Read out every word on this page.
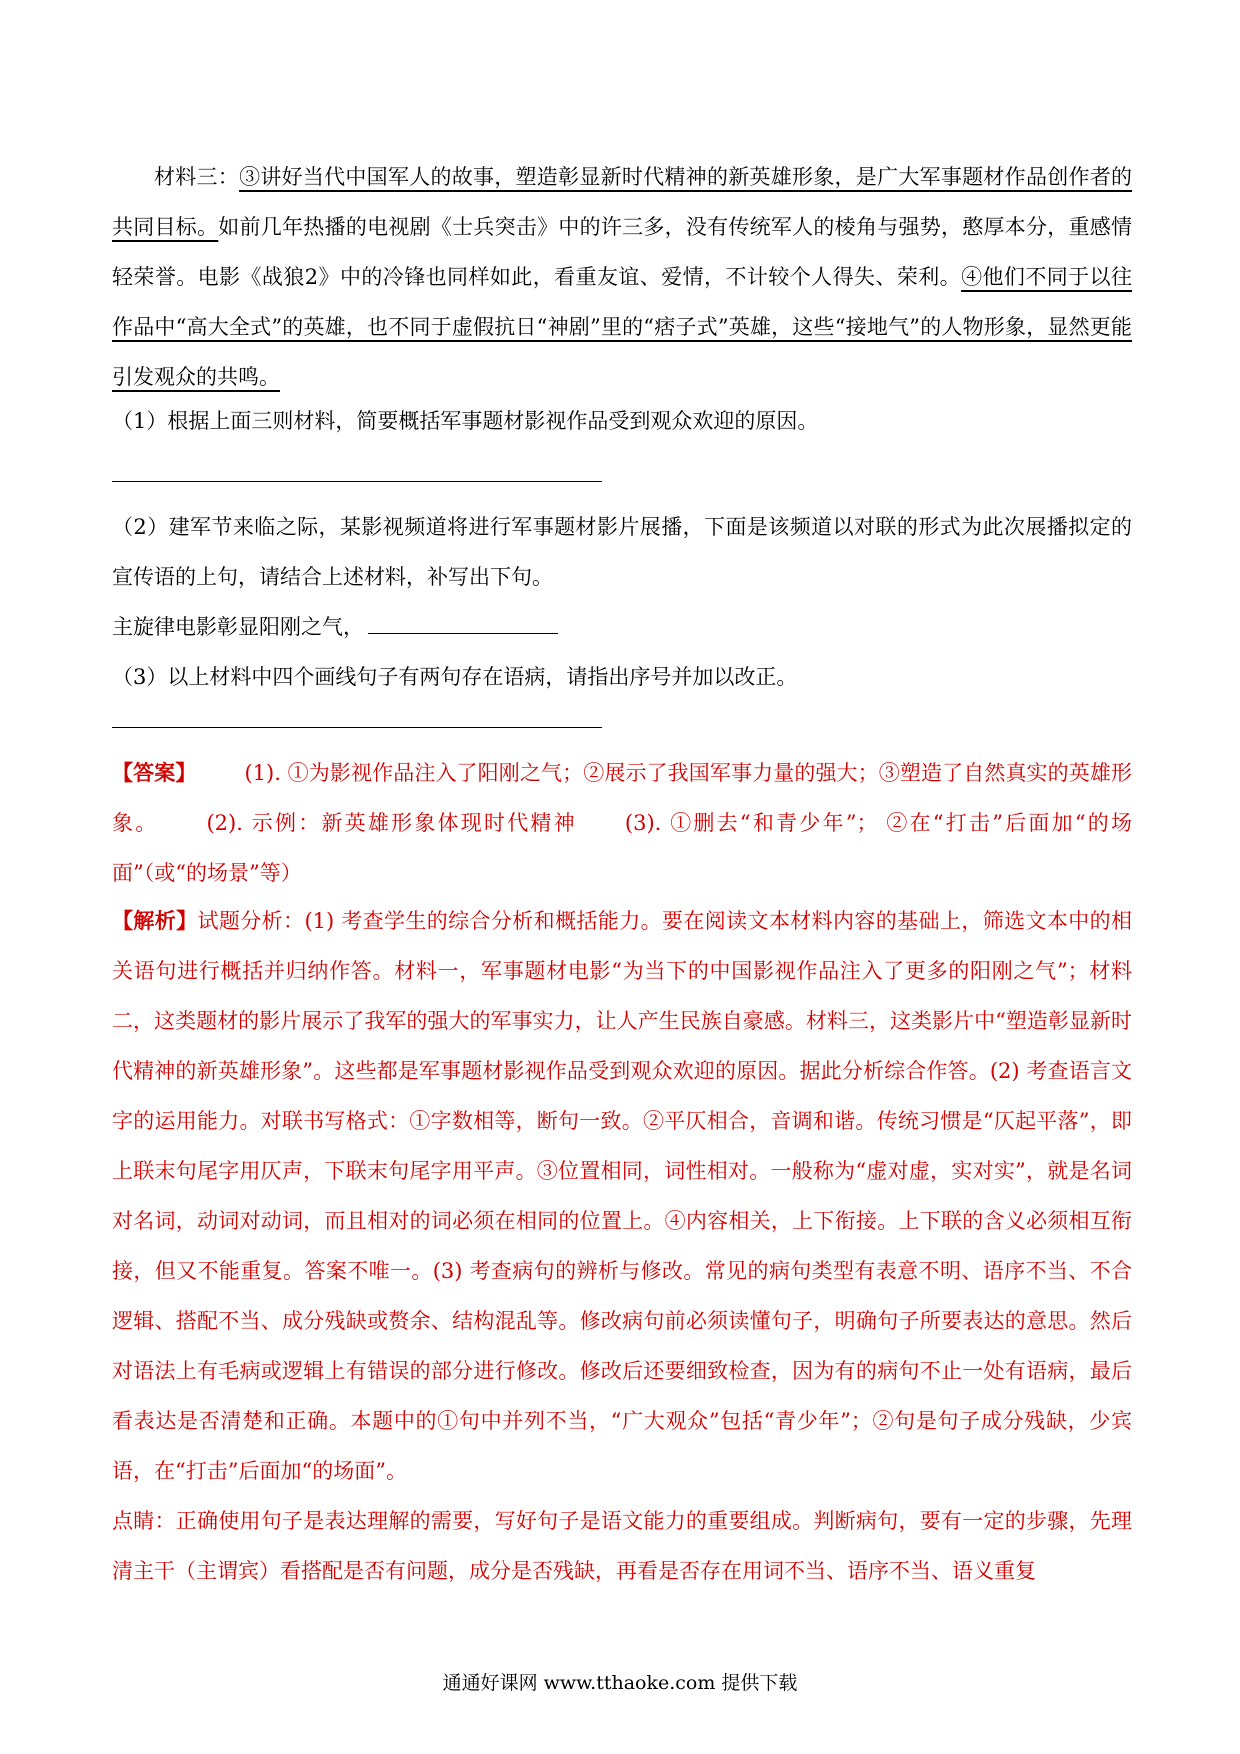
材料三：③讲好当代中国军人的故事，塑造彰显新时代精神的新英雄形象，是广大军事题材作品创作者的共同目标。如前几年热播的电视剧《士兵突击》中的许三多，没有传统军人的棱角与强势，憨厚本分，重感情轻荣誉。电影《战狼2》中的冷锋也同样如此，看重友谊、爱情，不计较个人得失、荣利。④他们不同于以往作品中“高大全式”的英雄，也不同于虚假抗日“神剧”里的“痞子式”英雄，这些“接地气”的人物形象，显然更能引发观众的共鸣。
（1）根据上面三则材料，简要概括军事题材影视作品受到观众欢迎的原因。
（2）建军节来临之际，某影视频道将进行军事题材影片展播，下面是该频道以对联的形式为此次展播拟定的宣传语的上句，请结合上述材料，补写出下句。
主旋律电影彰显阳刚之气，
（3）以上材料中四个画线句子有两句存在语病，请指出序号并加以改正。
【答案】 (1). ①为影视作品注入了阳刚之气；②展示了我国军事力量的强大；③塑造了自然真实的英雄形象。 (2). 示例：新英雄形象体现时代精神 (3). ①删去“和青少年”； ②在“打击”后面加“的场面”（或“的场景”等）
【解析】试题分析：(1) 考查学生的综合分析和概括能力。要在阅读文本材料内容的基础上，筛选文本中的相关语句进行概括并归纳作答。材料一，军事题材电影“为当下的中国影视作品注入了更多的阳刚之气”；材料二，这类题材的影片展示了我军的强大的军事实力，让人产生民族自豪感。材料三，这类影片中“塑造彰显新时代精神的新英雄形象”。这些都是军事题材影视作品受到观众欢迎的原因。据此分析综合作答。(2) 考查语言文字的运用能力。对联书写格式：①字数相等，断句一致。②平仄相合，音调和谐。传统习惯是“仄起平落”，即上联末句尾字用仄声，下联末句尾字用平声。③位置相同，词性相对。一般称为“虚对虚，实对实”，就是名词对名词，动词对动词，而且相对的词必须在相同的位置上。④内容相关，上下衔接。上下联的含义必须相互衔接，但又不能重复。答案不唯一。(3) 考查病句的辨析与修改。常见的病句类型有表意不明、语序不当、不合逻辑、搭配不当、成分残缺或赘余、结构混乱等。修改病句前必须读懂句子，明确句子所要表达的意思。然后对语法上有毛病或逻辑上有错误的部分进行修改。修改后还要细致检查，因为有的病句不止一处有语病，最后看表达是否清楚和正确。本题中的①句中并列不当，“广大观众”包括“青少年”；②句是句子成分残缺，少宾语，在“打击”后面加“的场面”。
点睛：正确使用句子是表达理解的需要，写好句子是语文能力的重要组成。判断病句，要有一定的步骤，先理清主干（主谓宾）看搭配是否有问题，成分是否残缺，再看是否存在用词不当、语序不当、语义重复
通通好课网 www.tthaoke.com 提供下载
